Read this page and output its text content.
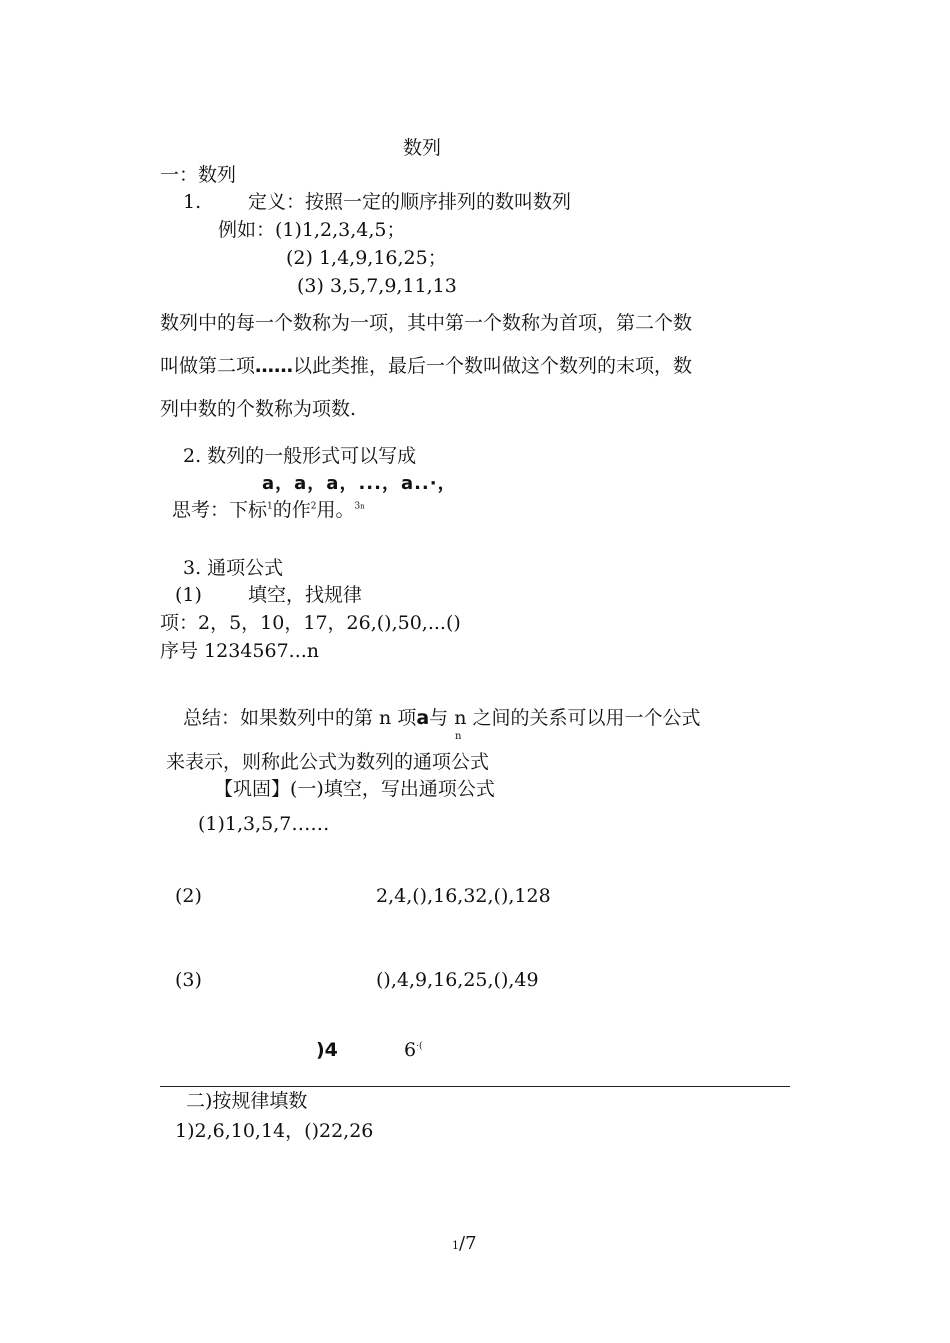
数列
一：数列
1. 定义：按照一定的顺序排列的数叫数列
例如：(1)1,2,3,4,5；
(2) 1,4,9,16,25；
(3) 3,5,7,9,11,13
数列中的每一个数称为一项，其中第一个数称为首项，第二个数
叫做第二项……以此类推，最后一个数叫做这个数列的末项，数
列中数的个数称为项数.
2. 数列的一般形式可以写成
a，a，a，...，a..·，
思考：下标$^1$的作$^2$用。$^{3n}$
3. 通项公式
(1) 填空，找规律
项：2，5，10，17，26,(),50,...()
序号 1234567...n
总结：如果数列中的第 n 项a与 n 之间的关系可以用一个公式
n
来表示，则称此公式为数列的通项公式
【巩固】(一)填空，写出通项公式
(1)1,3,5,7……
(2)	2,4,(),16,32,(),128
(3)	(),4,9,16,25,(),49
)4	6·(
二)按规律填数
1)2,6,10,14，()22,26
1/7
